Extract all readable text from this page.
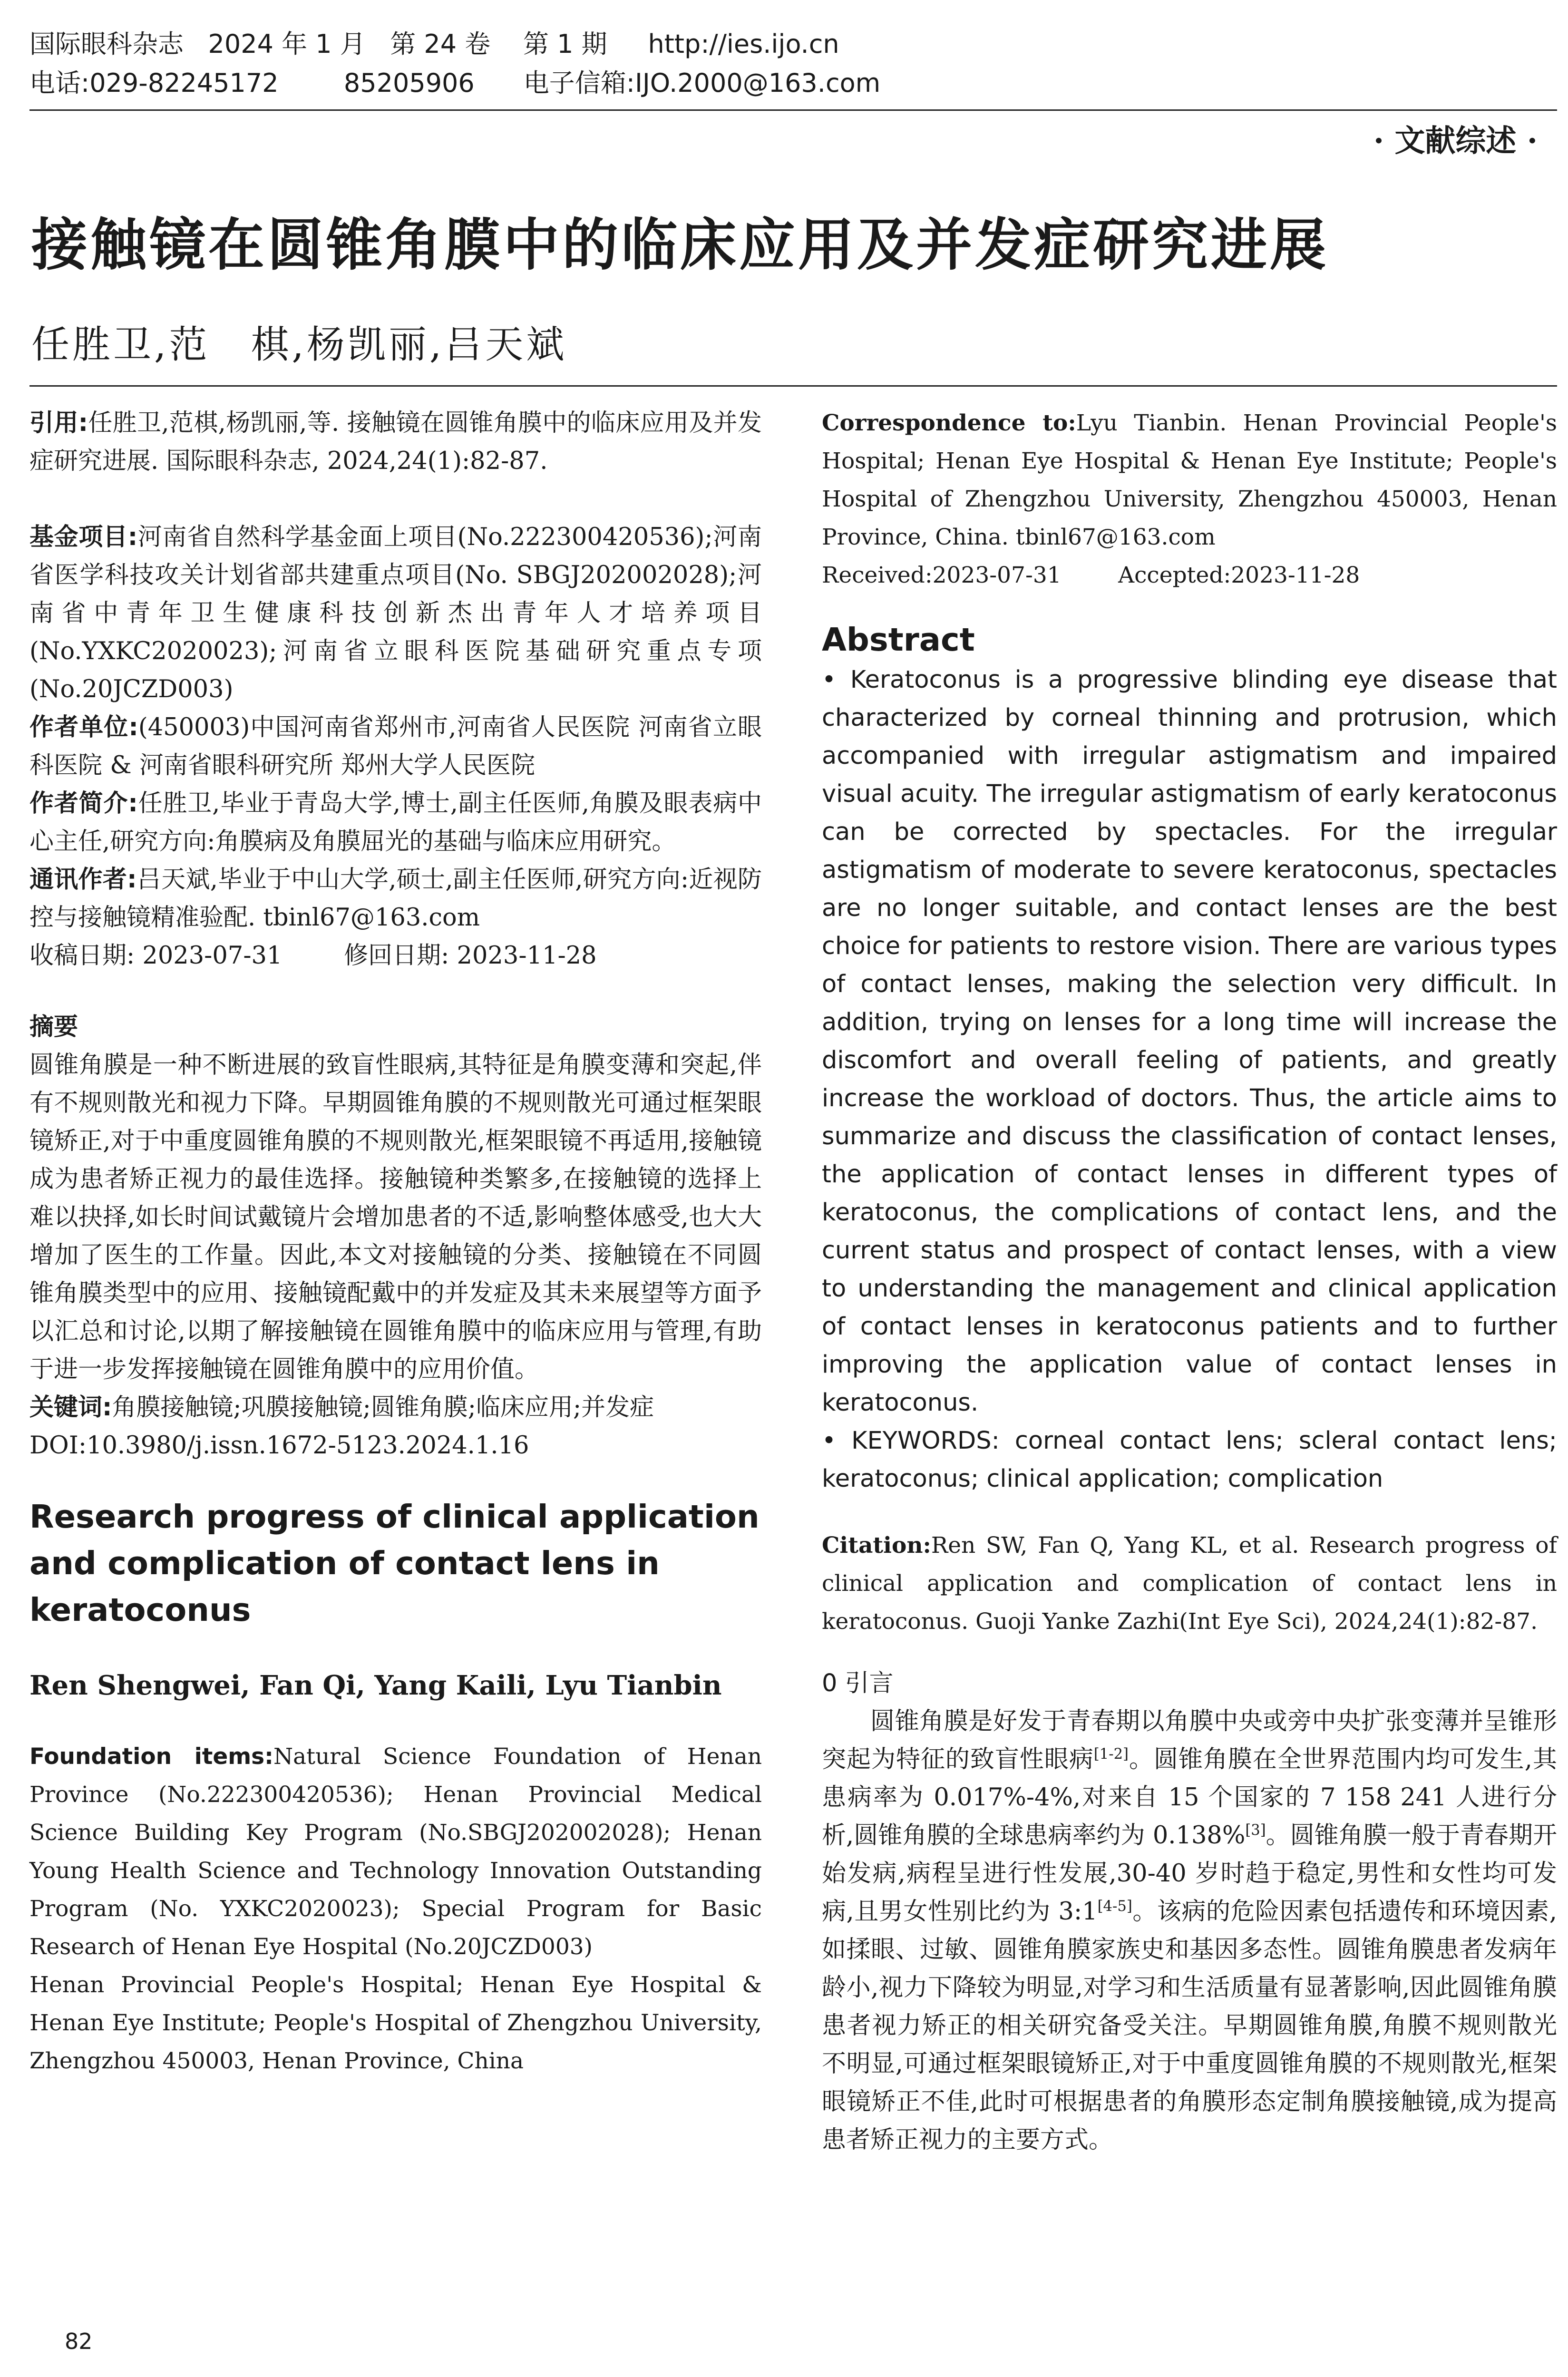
国际眼科杂志   2024 年 1 月   第 24 卷    第 1 期     http://ies.ijo.cn
电话:029-82245172        85205906      电子信箱:IJO.2000@163.com
· 文献综述 ·
接触镜在圆锥角膜中的临床应用及并发症研究进展
任胜卫,范　棋,杨凯丽,吕天斌

引用:任胜卫,范棋,杨凯丽,等. 接触镜在圆锥角膜中的临床应用及并发症研究进展. 国际眼科杂志, 2024,24(1):82-87.

基金项目:河南省自然科学基金面上项目(No.222300420536);河南省医学科技攻关计划省部共建重点项目(No. SBGJ202002028);河南省中青年卫生健康科技创新杰出青年人才培养项目(No.YXKC2020023);河南省立眼科医院基础研究重点专项(No.20JCZD003)

作者单位:(450003)中国河南省郑州市,河南省人民医院 河南省立眼科医院 & 河南省眼科研究所 郑州大学人民医院

作者简介:任胜卫,毕业于青岛大学,博士,副主任医师,角膜及眼表病中心主任,研究方向:角膜病及角膜屈光的基础与临床应用研究。

通讯作者:吕天斌,毕业于中山大学,硕士,副主任医师,研究方向:近视防控与接触镜精准验配. tbinl67@163.com

收稿日期: 2023-07-31        修回日期: 2023-11-28

摘要

圆锥角膜是一种不断进展的致盲性眼病,其特征是角膜变薄和突起,伴有不规则散光和视力下降。早期圆锥角膜的不规则散光可通过框架眼镜矫正,对于中重度圆锥角膜的不规则散光,框架眼镜不再适用,接触镜成为患者矫正视力的最佳选择。接触镜种类繁多,在接触镜的选择上难以抉择,如长时间试戴镜片会增加患者的不适,影响整体感受,也大大增加了医生的工作量。因此,本文对接触镜的分类、接触镜在不同圆锥角膜类型中的应用、接触镜配戴中的并发症及其未来展望等方面予以汇总和讨论,以期了解接触镜在圆锥角膜中的临床应用与管理,有助于进一步发挥接触镜在圆锥角膜中的应用价值。

关键词:角膜接触镜;巩膜接触镜;圆锥角膜;临床应用;并发症

DOI:10.3980/j.issn.1672-5123.2024.1.16

Research progress of clinical application and complication of contact lens in keratoconus

Ren Shengwei, Fan Qi, Yang Kaili, Lyu Tianbin

Foundation items:Natural Science Foundation of Henan Province (No.222300420536); Henan Provincial Medical Science Building Key Program (No.SBGJ202002028); Henan Young Health Science and Technology Innovation Outstanding Program (No. YXKC2020023); Special Program for Basic Research of Henan Eye Hospital (No.20JCZD003)

Henan Provincial People's Hospital; Henan Eye Hospital & Henan Eye Institute; People's Hospital of Zhengzhou University, Zhengzhou 450003, Henan Province, China

Correspondence to:Lyu Tianbin. Henan Provincial People's Hospital; Henan Eye Hospital & Henan Eye Institute; People's Hospital of Zhengzhou University, Zhengzhou 450003, Henan Province, China. tbinl67@163.com

Received:2023-07-31        Accepted:2023-11-28

Abstract

• Keratoconus is a progressive blinding eye disease that characterized by corneal thinning and protrusion, which accompanied with irregular astigmatism and impaired visual acuity. The irregular astigmatism of early keratoconus can be corrected by spectacles. For the irregular astigmatism of moderate to severe keratoconus, spectacles are no longer suitable, and contact lenses are the best choice for patients to restore vision. There are various types of contact lenses, making the selection very difficult. In addition, trying on lenses for a long time will increase the discomfort and overall feeling of patients, and greatly increase the workload of doctors. Thus, the article aims to summarize and discuss the classification of contact lenses, the application of contact lenses in different types of keratoconus, the complications of contact lens, and the current status and prospect of contact lenses, with a view to understanding the management and clinical application of contact lenses in keratoconus patients and to further improving the application value of contact lenses in keratoconus.

• KEYWORDS: corneal contact lens; scleral contact lens; keratoconus; clinical application; complication

Citation:Ren SW, Fan Q, Yang KL, et al. Research progress of clinical application and complication of contact lens in keratoconus. Guoji Yanke Zazhi(Int Eye Sci), 2024,24(1):82-87.

0 引言

圆锥角膜是好发于青春期以角膜中央或旁中央扩张变薄并呈锥形突起为特征的致盲性眼病[1-2]。圆锥角膜在全世界范围内均可发生,其患病率为 0.017%-4%,对来自 15 个国家的 7 158 241 人进行分析,圆锥角膜的全球患病率约为 0.138%[3]。圆锥角膜一般于青春期开始发病,病程呈进行性发展,30-40 岁时趋于稳定,男性和女性均可发病,且男女性别比约为 3:1[4-5]。该病的危险因素包括遗传和环境因素,如揉眼、过敏、圆锥角膜家族史和基因多态性。圆锥角膜患者发病年龄小,视力下降较为明显,对学习和生活质量有显著影响,因此圆锥角膜患者视力矫正的相关研究备受关注。早期圆锥角膜,角膜不规则散光不明显,可通过框架眼镜矫正,对于中重度圆锥角膜的不规则散光,框架眼镜矫正不佳,此时可根据患者的角膜形态定制角膜接触镜,成为提高患者矫正视力的主要方式。

82
